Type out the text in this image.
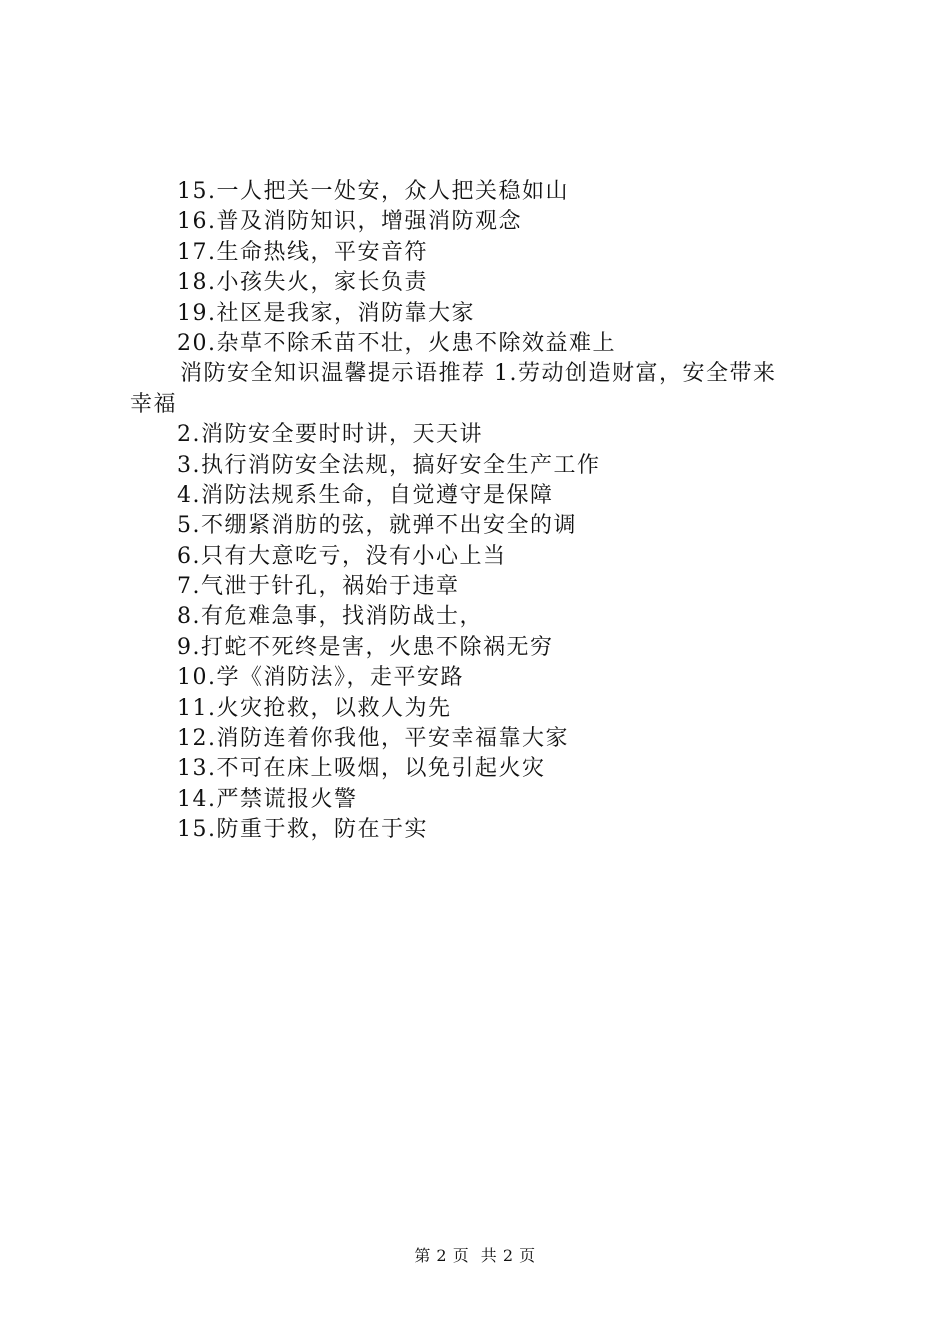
15.一人把关一处安，众人把关稳如山
16.普及消防知识，增强消防观念
17.生命热线，平安音符
18.小孩失火，家长负责
19.社区是我家，消防靠大家
20.杂草不除禾苗不壮，火患不除效益难上
消防安全知识温馨提示语推荐 1.劳动创造财富，安全带来
幸福
2.消防安全要时时讲，天天讲
3.执行消防安全法规，搞好安全生产工作
4.消防法规系生命，自觉遵守是保障
5.不绷紧消肪的弦，就弹不出安全的调
6.只有大意吃亏，没有小心上当
7.气泄于针孔，祸始于违章
8.有危难急事，找消防战士，
9.打蛇不死终是害，火患不除祸无穷
10.学《消防法》，走平安路
11.火灾抢救，以救人为先
12.消防连着你我他，平安幸福靠大家
13.不可在床上吸烟，以免引起火灾
14.严禁谎报火警
15.防重于救，防在于实
第 2 页 共 2 页
